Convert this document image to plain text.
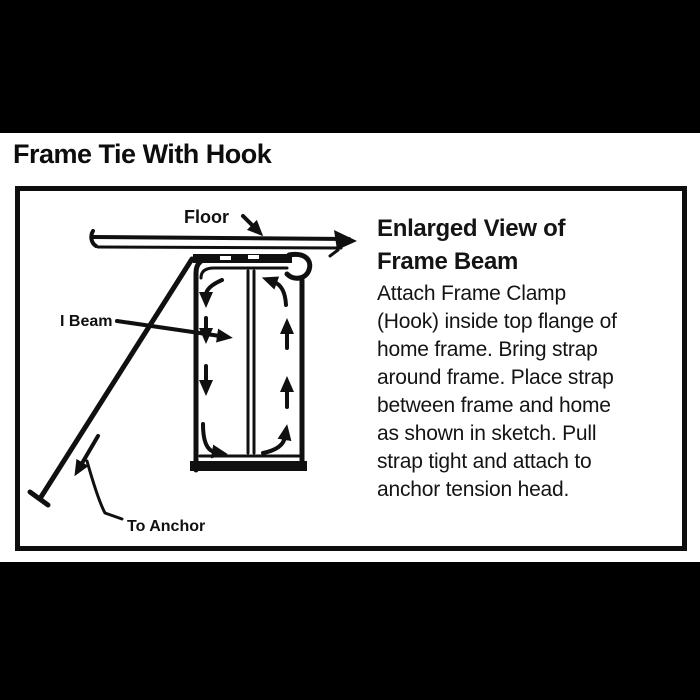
Frame Tie With Hook
Floor
I Beam
To Anchor
Enlarged View of
Frame Beam
Attach Frame Clamp
(Hook) inside top flange of
home frame. Bring strap
around frame. Place strap
between frame and home
as shown in sketch. Pull
strap tight and attach to
anchor tension head.
